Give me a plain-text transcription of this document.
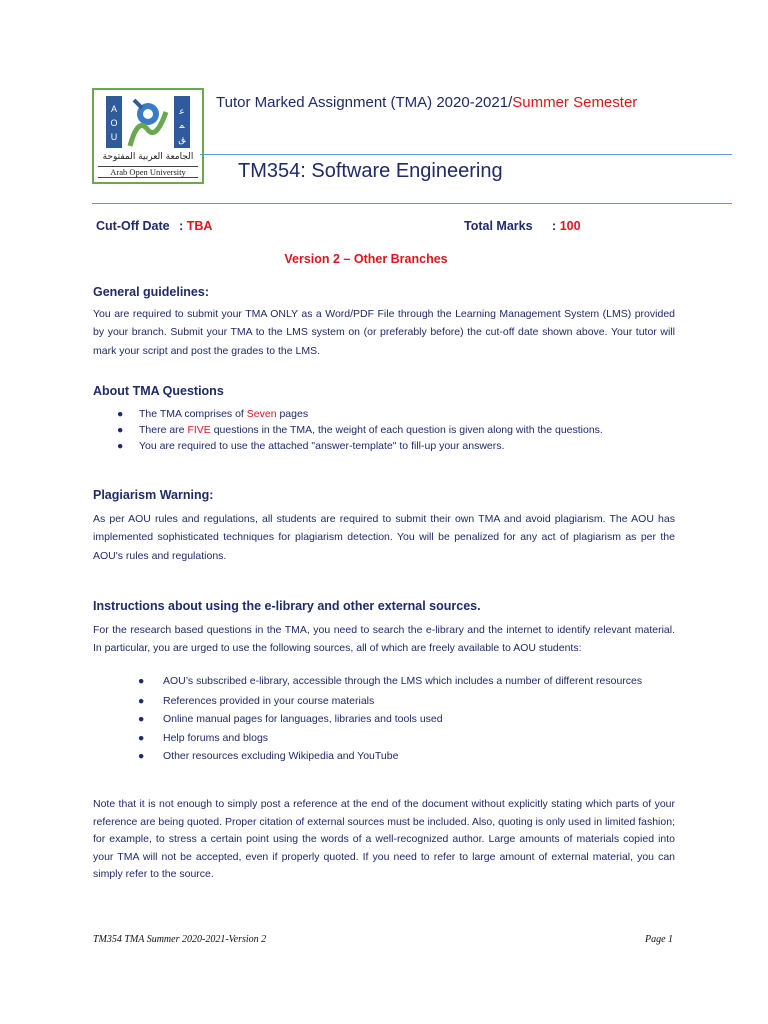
AOU
عمق
الجامعة العربية المفتوحة
Arab Open University
Tutor Marked Assignment (TMA) 2020-2021/Summer Semester
TM354: Software Engineering
Cut-Off Date : TBA	Total Marks : 100
Version 2 – Other Branches
General guidelines:
You are required to submit your TMA ONLY as a Word/PDF File through the Learning Management System (LMS) provided by your branch. Submit your TMA to the LMS system on (or preferably before) the cut-off date shown above. Your tutor will mark your script and post the grades to the LMS.
About TMA Questions
● The TMA comprises of Seven pages
● There are FIVE questions in the TMA, the weight of each question is given along with the questions.
● You are required to use the attached "answer-template" to fill-up your answers.
Plagiarism Warning:
As per AOU rules and regulations, all students are required to submit their own TMA and avoid plagiarism. The AOU has implemented sophisticated techniques for plagiarism detection. You will be penalized for any act of plagiarism as per the AOU's rules and regulations.
Instructions about using the e-library and other external sources.
For the research based questions in the TMA, you need to search the e-library and the internet to identify relevant material. In particular, you are urged to use the following sources, all of which are freely available to AOU students:
● AOU’s subscribed e-library, accessible through the LMS which includes a number of different resources
● References provided in your course materials
● Online manual pages for languages, libraries and tools used
● Help forums and blogs
● Other resources excluding Wikipedia and YouTube
Note that it is not enough to simply post a reference at the end of the document without explicitly stating which parts of your reference are being quoted. Proper citation of external sources must be included. Also, quoting is only used in limited fashion; for example, to stress a certain point using the words of a well-recognized author. Large amounts of materials copied into your TMA will not be accepted, even if properly quoted. If you need to refer to large amount of external material, you can simply refer to the source.
TM354 TMA Summer 2020-2021-Version 2	Page 1
